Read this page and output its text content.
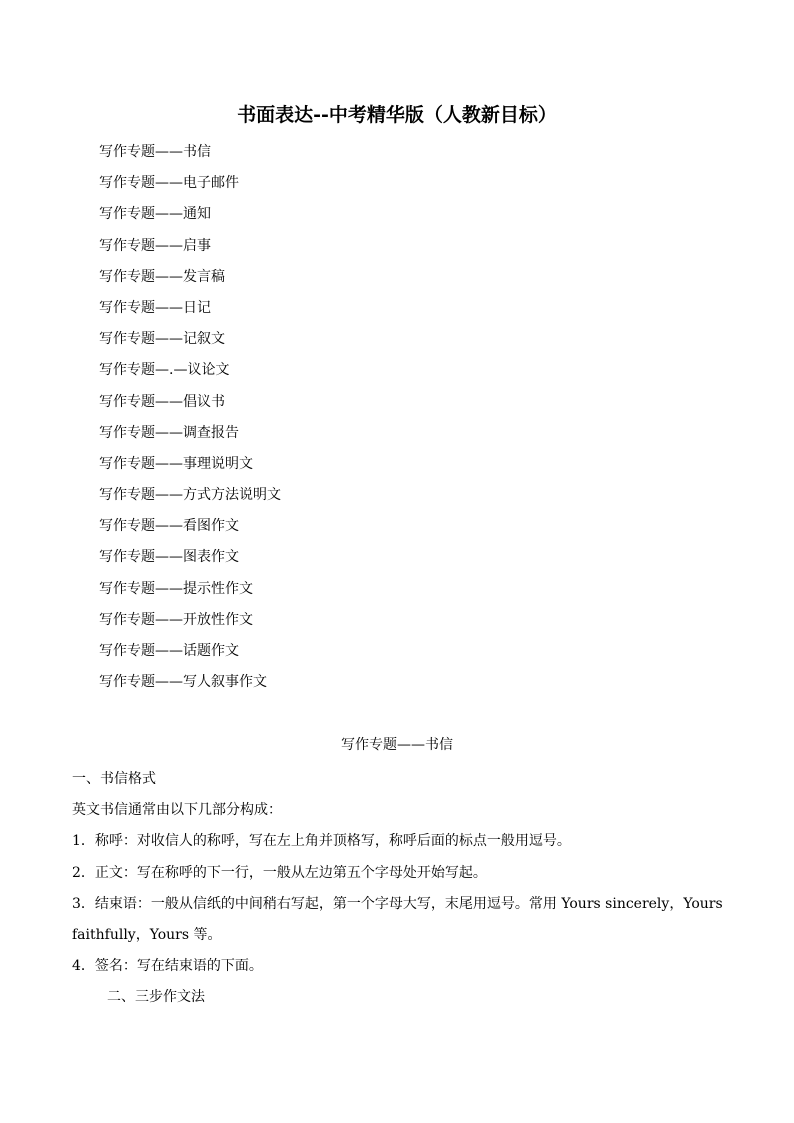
书面表达--中考精华版（人教新目标）
写作专题——书信
写作专题——电子邮件
写作专题——通知
写作专题——启事
写作专题——发言稿
写作专题——日记
写作专题——记叙文
写作专题—.—议论文
写作专题——倡议书
写作专题——调查报告
写作专题——事理说明文
写作专题——方式方法说明文
写作专题——看图作文
写作专题——图表作文
写作专题——提示性作文
写作专题——开放性作文
写作专题——话题作文
写作专题——写人叙事作文
写作专题——书信

一、书信格式

英文书信通常由以下几部分构成：

1．称呼：对收信人的称呼，写在左上角并顶格写，称呼后面的标点一般用逗号。

2．正文：写在称呼的下一行，一般从左边第五个字母处开始写起。

3．结束语：一般从信纸的中间稍右写起，第一个字母大写，末尾用逗号。常用 Yours sincerely，Yours faithfully，Yours 等。

4．签名：写在结束语的下面。

二、三步作文法
